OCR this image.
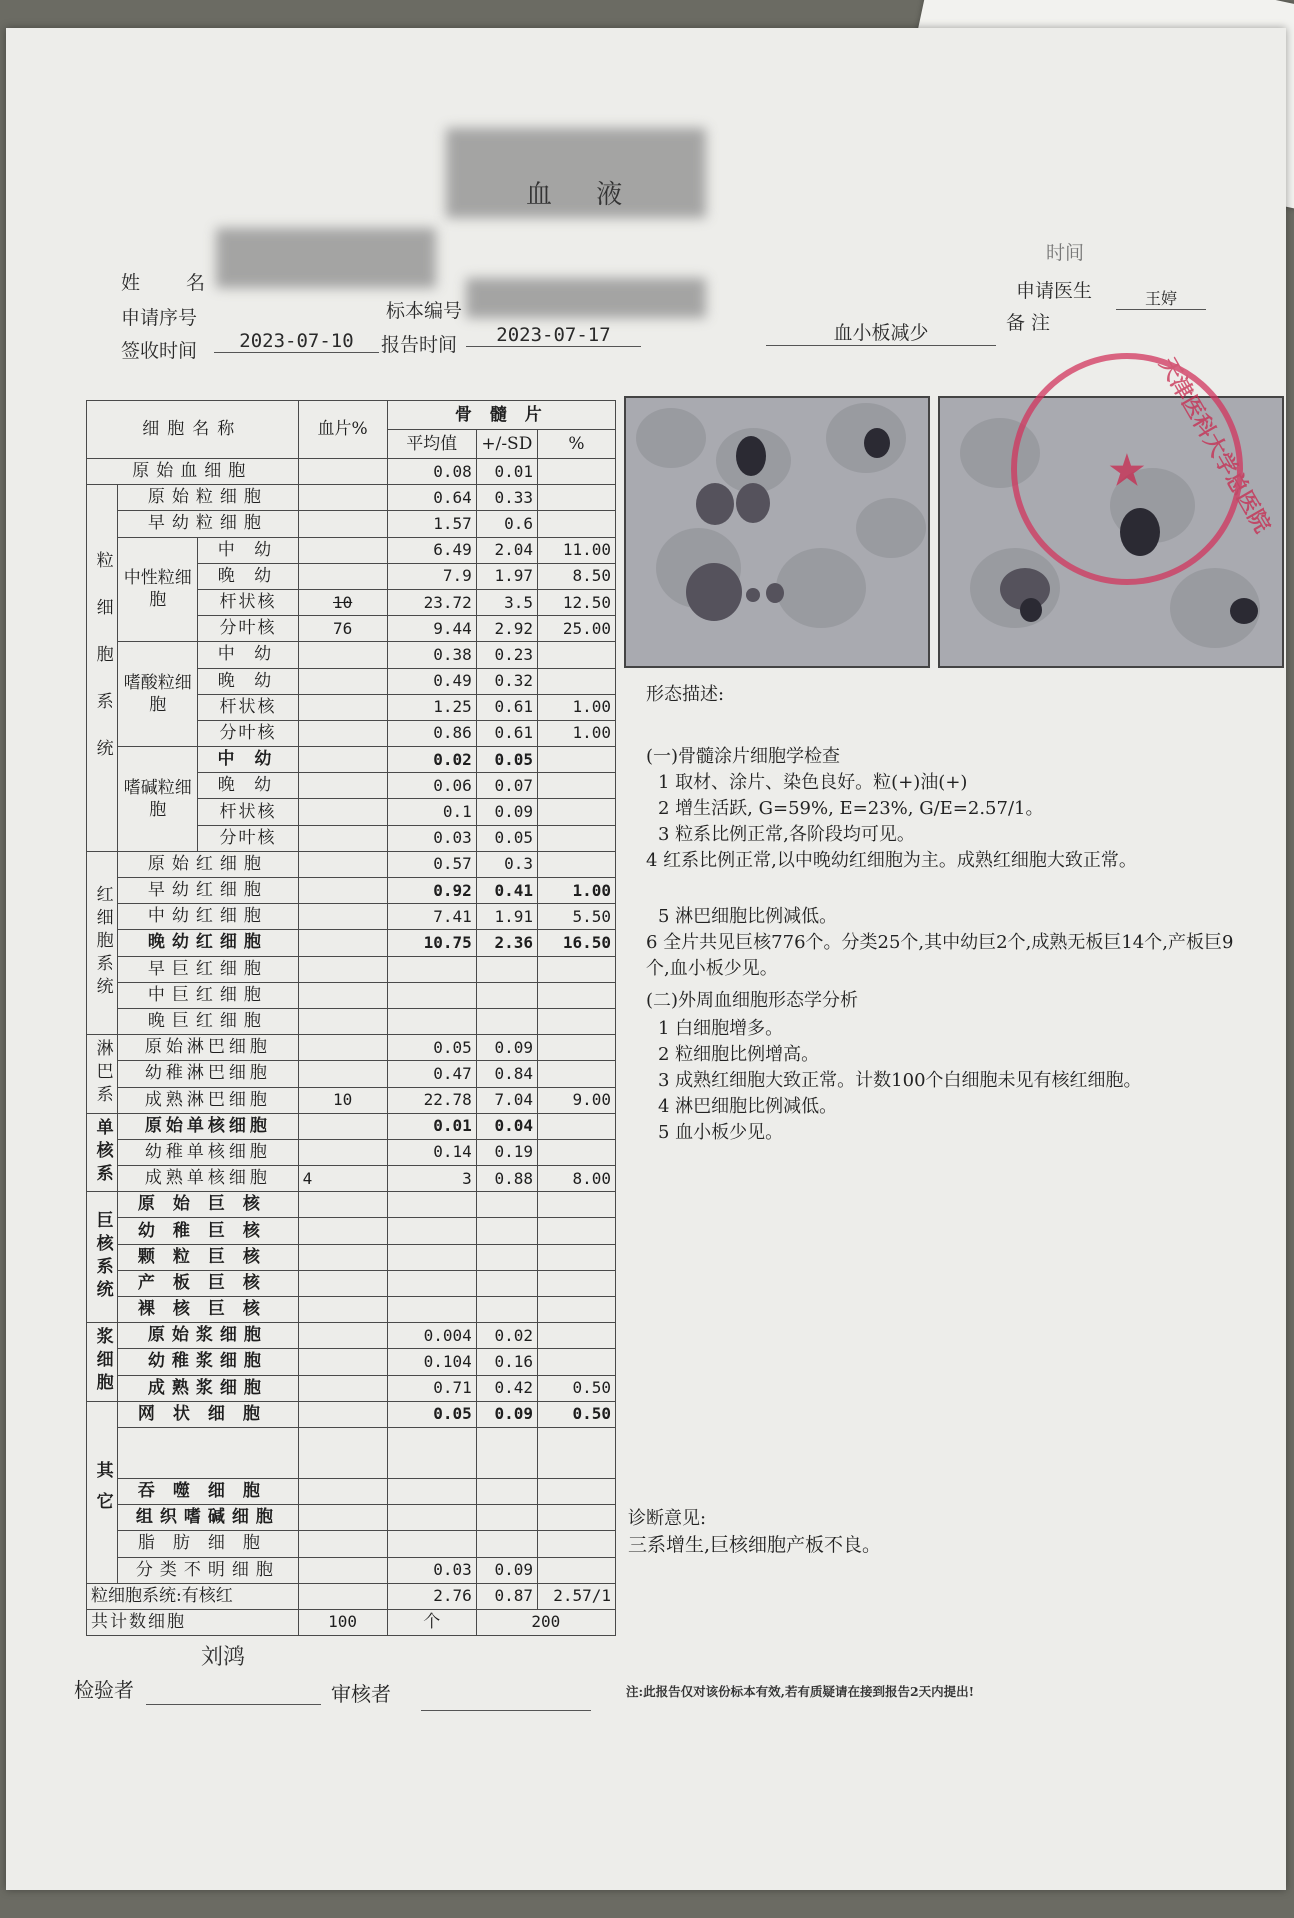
血 液
姓 名
申请序号	标本编号
签收时间	2023-07-10	报告时间	2023-07-17	血小板减少	备 注
申请医生	王婷
时间
细胞名称			血片%	骨 髓 片		
				平均值	+/-SD	%
原始血细胞				0.08	0.01	
粒细胞系统	原始粒细胞			0.64	0.33	
	早幼粒细胞			1.57	0.6	
	中性粒细胞	中 幼		6.49	2.04	11.00
		晚 幼		7.9	1.97	8.50
		杆状核	10	23.72	3.5	12.50
		分叶核	76	9.44	2.92	25.00
	嗜酸粒细胞	中 幼		0.38	0.23	
		晚 幼		0.49	0.32	
		杆状核		1.25	0.61	1.00
		分叶核		0.86	0.61	1.00
	嗜碱粒细胞	中 幼		0.02	0.05	
		晚 幼		0.06	0.07	
		杆状核		0.1	0.09	
		分叶核		0.03	0.05	
红细胞系统	原始红细胞			0.57	0.3	
	早幼红细胞			0.92	0.41	1.00
	中幼红细胞			7.41	1.91	5.50
	晚幼红细胞			10.75	2.36	16.50
	早巨红细胞					
	中巨红细胞					
	晚巨红细胞					
淋巴系	原始淋巴细胞			0.05	0.09	
	幼稚淋巴细胞			0.47	0.84	
	成熟淋巴细胞		10	22.78	7.04	9.00
单核系	原始单核细胞			0.01	0.04	
	幼稚单核细胞			0.14	0.19	
	成熟单核细胞		4	3	0.88	8.00
巨核系统	原始巨核					
	幼稚巨核					
	颗粒巨核					
	产板巨核					
	裸核巨核					
浆细胞	原始浆细胞			0.004	0.02	
	幼稚浆细胞			0.104	0.16	
	成熟浆细胞			0.71	0.42	0.50
其它	网状细胞			0.05	0.09	0.50

	吞噬细胞					
	组织嗜碱细胞					
	脂肪细胞					
	分类不明细胞			0.03	0.09	
粒细胞系统:有核红				2.76	0.87	2.57/1
共计数细胞			100	个	200	
天津医科大学总医院
★
形态描述:
(一)骨髓涂片细胞学检查
1 取材、涂片、染色良好。粒(+)油(+)
2 增生活跃, G=59%, E=23%, G/E=2.57/1。
3 粒系比例正常,各阶段均可见。
4 红系比例正常,以中晚幼红细胞为主。成熟红细胞大致正常。
5 淋巴细胞比例减低。
6 全片共见巨核776个。分类25个,其中幼巨2个,成熟无板巨14个,产板巨9个,血小板少见。
(二)外周血细胞形态学分析
1 白细胞增多。
2 粒细胞比例增高。
3 成熟红细胞大致正常。计数100个白细胞未见有核红细胞。
4 淋巴细胞比例减低。
5 血小板少见。
诊断意见:
三系增生,巨核细胞产板不良。
检验者
刘鸿
审核者	注:此报告仅对该份标本有效,若有质疑请在接到报告2天内提出!
